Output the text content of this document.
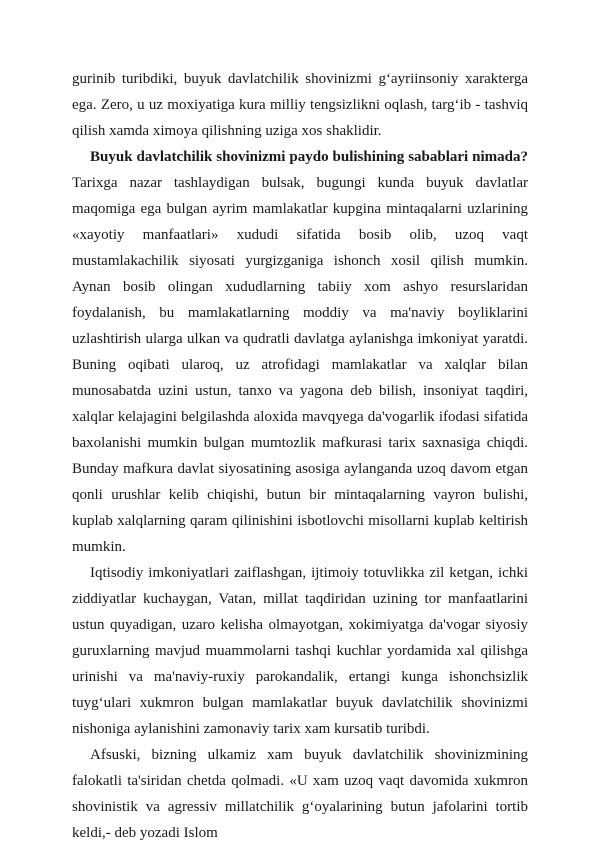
gurinib turibdiki, buyuk davlatchilik shovinizmi g‘ayriinsoniy xarakterga ega. Zero, u uz moxiyatiga kura milliy tengsizlikni oqlash, targ‘ib - tashviq qilish xamda ximoya qilishning uziga xos shaklidir.

Buyuk davlatchilik shovinizmi paydo bulishining sabablari nimada? Tarixga nazar tashlaydigan bulsak, bugungi kunda buyuk davlatlar maqomiga ega bulgan ayrim mamlakatlar kupgina mintaqalarni uzlarining «xayotiy manfaatlari» xududi sifatida bosib olib, uzoq vaqt mustamlakachilik siyosati yurgizganiga ishonch xosil qilish mumkin. Aynan bosib olingan xududlarning tabiiy xom ashyo resurslaridan foydalanish, bu mamlakatlarning moddiy va ma'naviy boyliklarini uzlashtirish ularga ulkan va qudratli davlatga aylanishga imkoniyat yaratdi. Buning oqibati ularoq, uz atrofidagi mamlakatlar va xalqlar bilan munosabatda uzini ustun, tanxo va yagona deb bilish, insoniyat taqdiri, xalqlar kelajagini belgilashda aloxida mavqyega da'vogarlik ifodasi sifatida baxolanishi mumkin bulgan mumtozlik mafkurasi tarix saxnasiga chiqdi. Bunday mafkura davlat siyosatining asosiga aylanganda uzoq davom etgan qonli urushlar kelib chiqishi, butun bir mintaqalarning vayron bulishi, kuplab xalqlarning qaram qilinishini isbotlovchi misollarni kuplab keltirish mumkin.

Iqtisodiy imkoniyatlari zaiflashgan, ijtimoiy totuvlikka zil ketgan, ichki ziddiyatlar kuchaygan, Vatan, millat taqdiridan uzining tor manfaatlarini ustun quyadigan, uzaro kelisha olmayotgan, xokimiyatga da'vogar siyosiy guruxlarning mavjud muammolarni tashqi kuchlar yordamida xal qilishga urinishi va ma'naviy-ruxiy parokandalik, ertangi kunga ishonchsizlik tuyg‘ulari xukmron bulgan mamlakatlar buyuk davlatchilik shovinizmi nishoniga aylanishini zamonaviy tarix xam kursatib turibdi.

Afsuski, bizning ulkamiz xam buyuk davlatchilik shovinizmining falokatli ta'siridan chetda qolmadi. «U xam uzoq vaqt davomida xukmron shovinistik va agressiv millatchilik g‘oyalarining butun jafolarini tortib keldi,- deb yozadi Islom
